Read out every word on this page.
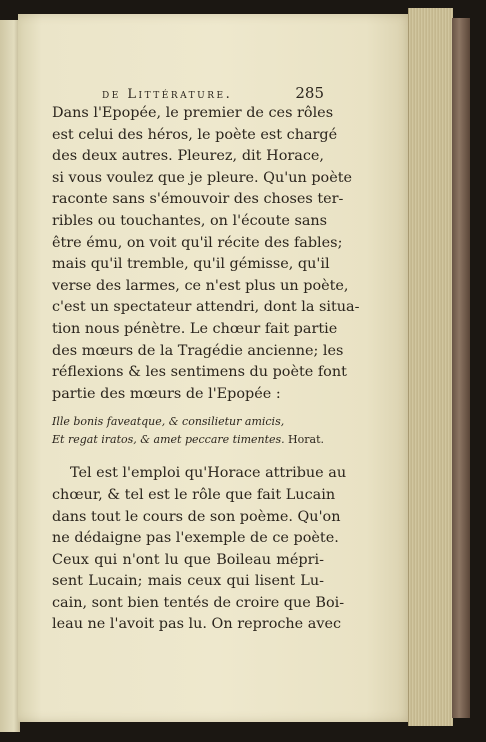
de Littérature.	285
Dans l'Epopée, le premier de ces rôles
est celui des héros, le poète est chargé
des deux autres. Pleurez, dit Horace,
si vous voulez que je pleure. Qu'un poète
raconte sans s'émouvoir des choses ter-
ribles ou touchantes, on l'écoute sans
être ému, on voit qu'il récite des fables;
mais qu'il tremble, qu'il gémisse, qu'il
verse des larmes, ce n'est plus un poète,
c'est un spectateur attendri, dont la situa-
tion nous pénètre. Le chœur fait partie
des mœurs de la Tragédie ancienne; les
réflexions & les sentimens du poète font
partie des mœurs de l'Epopée :
Ille bonis faveatque, & consilietur amicis,
Et regat iratos, & amet peccare timentes. Horat.
Tel est l'emploi qu'Horace attribue au
chœur, & tel est le rôle que fait Lucain
dans tout le cours de son poème. Qu'on
ne dédaigne pas l'exemple de ce poète.
Ceux qui n'ont lu que Boileau mépri-
sent Lucain; mais ceux qui lisent Lu-
cain, sont bien tentés de croire que Boi-
leau ne l'avoit pas lu. On reproche avec
